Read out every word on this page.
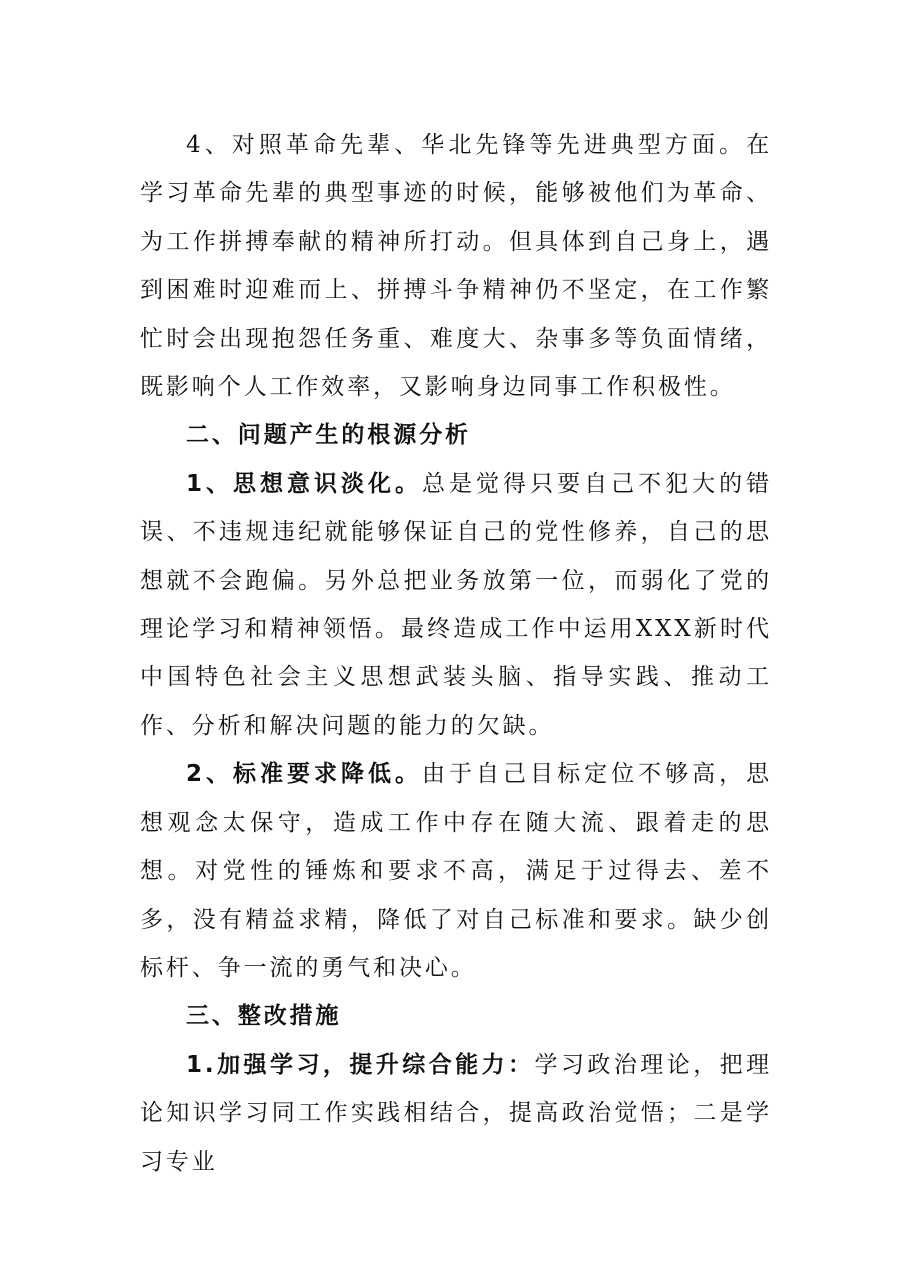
4、对照革命先辈、华北先锋等先进典型方面。在学习革命先辈的典型事迹的时候，能够被他们为革命、为工作拼搏奉献的精神所打动。但具体到自己身上，遇到困难时迎难而上、拼搏斗争精神仍不坚定，在工作繁忙时会出现抱怨任务重、难度大、杂事多等负面情绪，既影响个人工作效率，又影响身边同事工作积极性。

二、问题产生的根源分析

1、思想意识淡化。总是觉得只要自己不犯大的错误、不违规违纪就能够保证自己的党性修养，自己的思想就不会跑偏。另外总把业务放第一位，而弱化了党的理论学习和精神领悟。最终造成工作中运用XXX新时代中国特色社会主义思想武装头脑、指导实践、推动工作、分析和解决问题的能力的欠缺。

2、标准要求降低。由于自己目标定位不够高，思想观念太保守，造成工作中存在随大流、跟着走的思想。对党性的锤炼和要求不高，满足于过得去、差不多，没有精益求精，降低了对自己标准和要求。缺少创标杆、争一流的勇气和决心。

三、整改措施

1.加强学习，提升综合能力：学习政治理论，把理论知识学习同工作实践相结合，提高政治觉悟；二是学习专业
